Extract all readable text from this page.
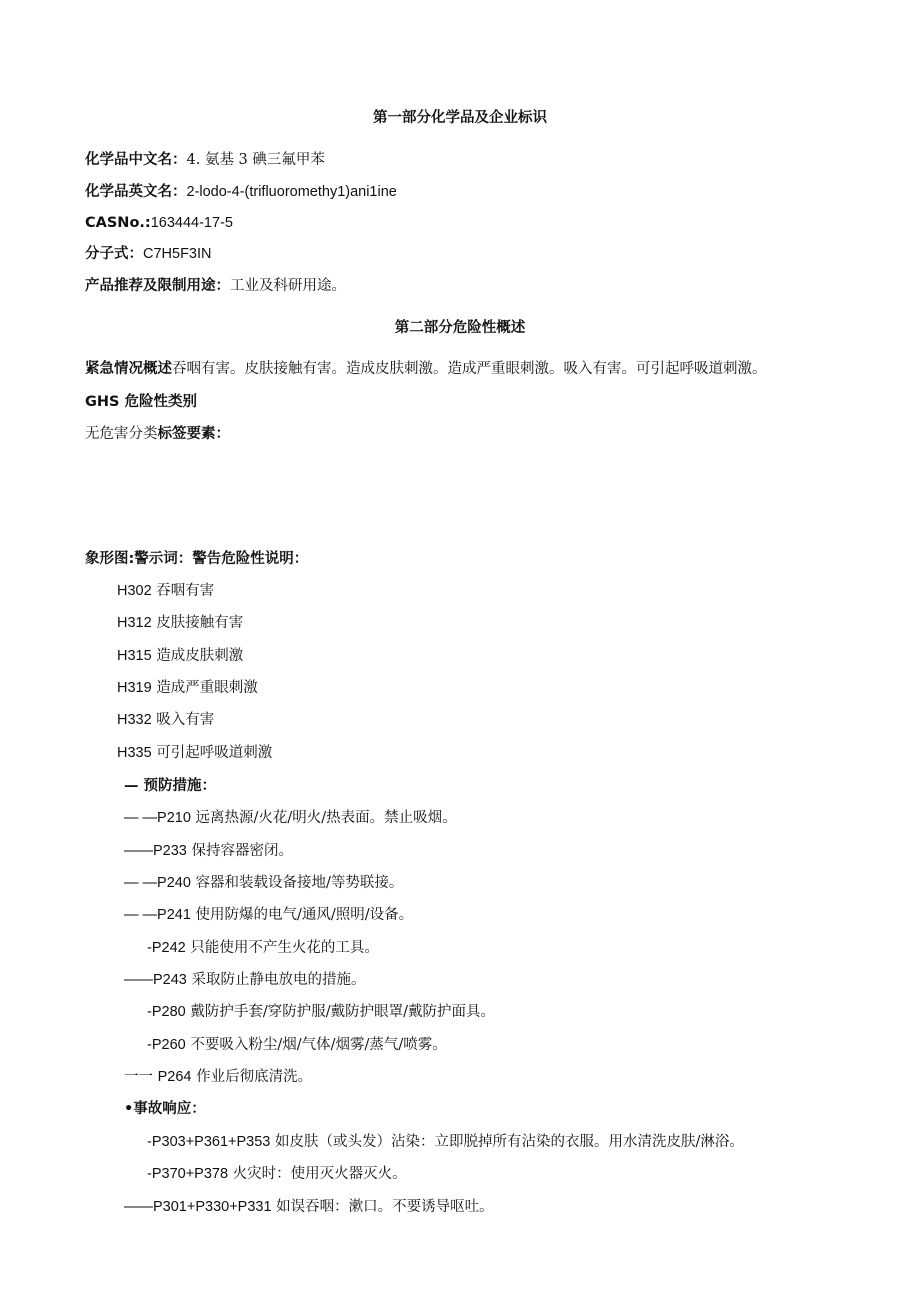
第一部分化学品及企业标识
化学品中文名：4. 氨基 3 碘三氟甲苯
化学品英文名：2-lodo-4-(trifluoromethy1)ani1ine
CASNo.:163444-17-5
分子式：C7H5F3IN
产品推荐及限制用途：工业及科研用途。
第二部分危险性概述
紧急情况概述吞咽有害。皮肤接触有害。造成皮肤刺激。造成严重眼刺激。吸入有害。可引起呼吸道刺激。
GHS 危险性类别
无危害分类标签要素：
象形图:警示词：警告危险性说明：
H302 吞咽有害
H312 皮肤接触有害
H315 造成皮肤刺激
H319 造成严重眼刺激
H332 吸入有害
H335 可引起呼吸道刺激
— 预防措施：
— —P210 远离热源/火花/明火/热表面。禁止吸烟。
——P233 保持容器密闭。
— —P240 容器和装载设备接地/等势联接。
— —P241 使用防爆的电气/通风/照明/设备。
-P242 只能使用不产生火花的工具。
——P243 采取防止静电放电的措施。
-P280 戴防护手套/穿防护服/戴防护眼罩/戴防护面具。
-P260 不要吸入粉尘/烟/气体/烟雾/蒸气/喷雾。
一一 P264 作业后彻底清洗。
•事故响应：
-P303+P361+P353 如皮肤（或头发）沾染：立即脱掉所有沾染的衣服。用水清洗皮肤/淋浴。
-P370+P378 火灾时：使用灭火器灭火。
——P301+P330+P331 如误吞咽：漱口。不要诱导呕吐。
